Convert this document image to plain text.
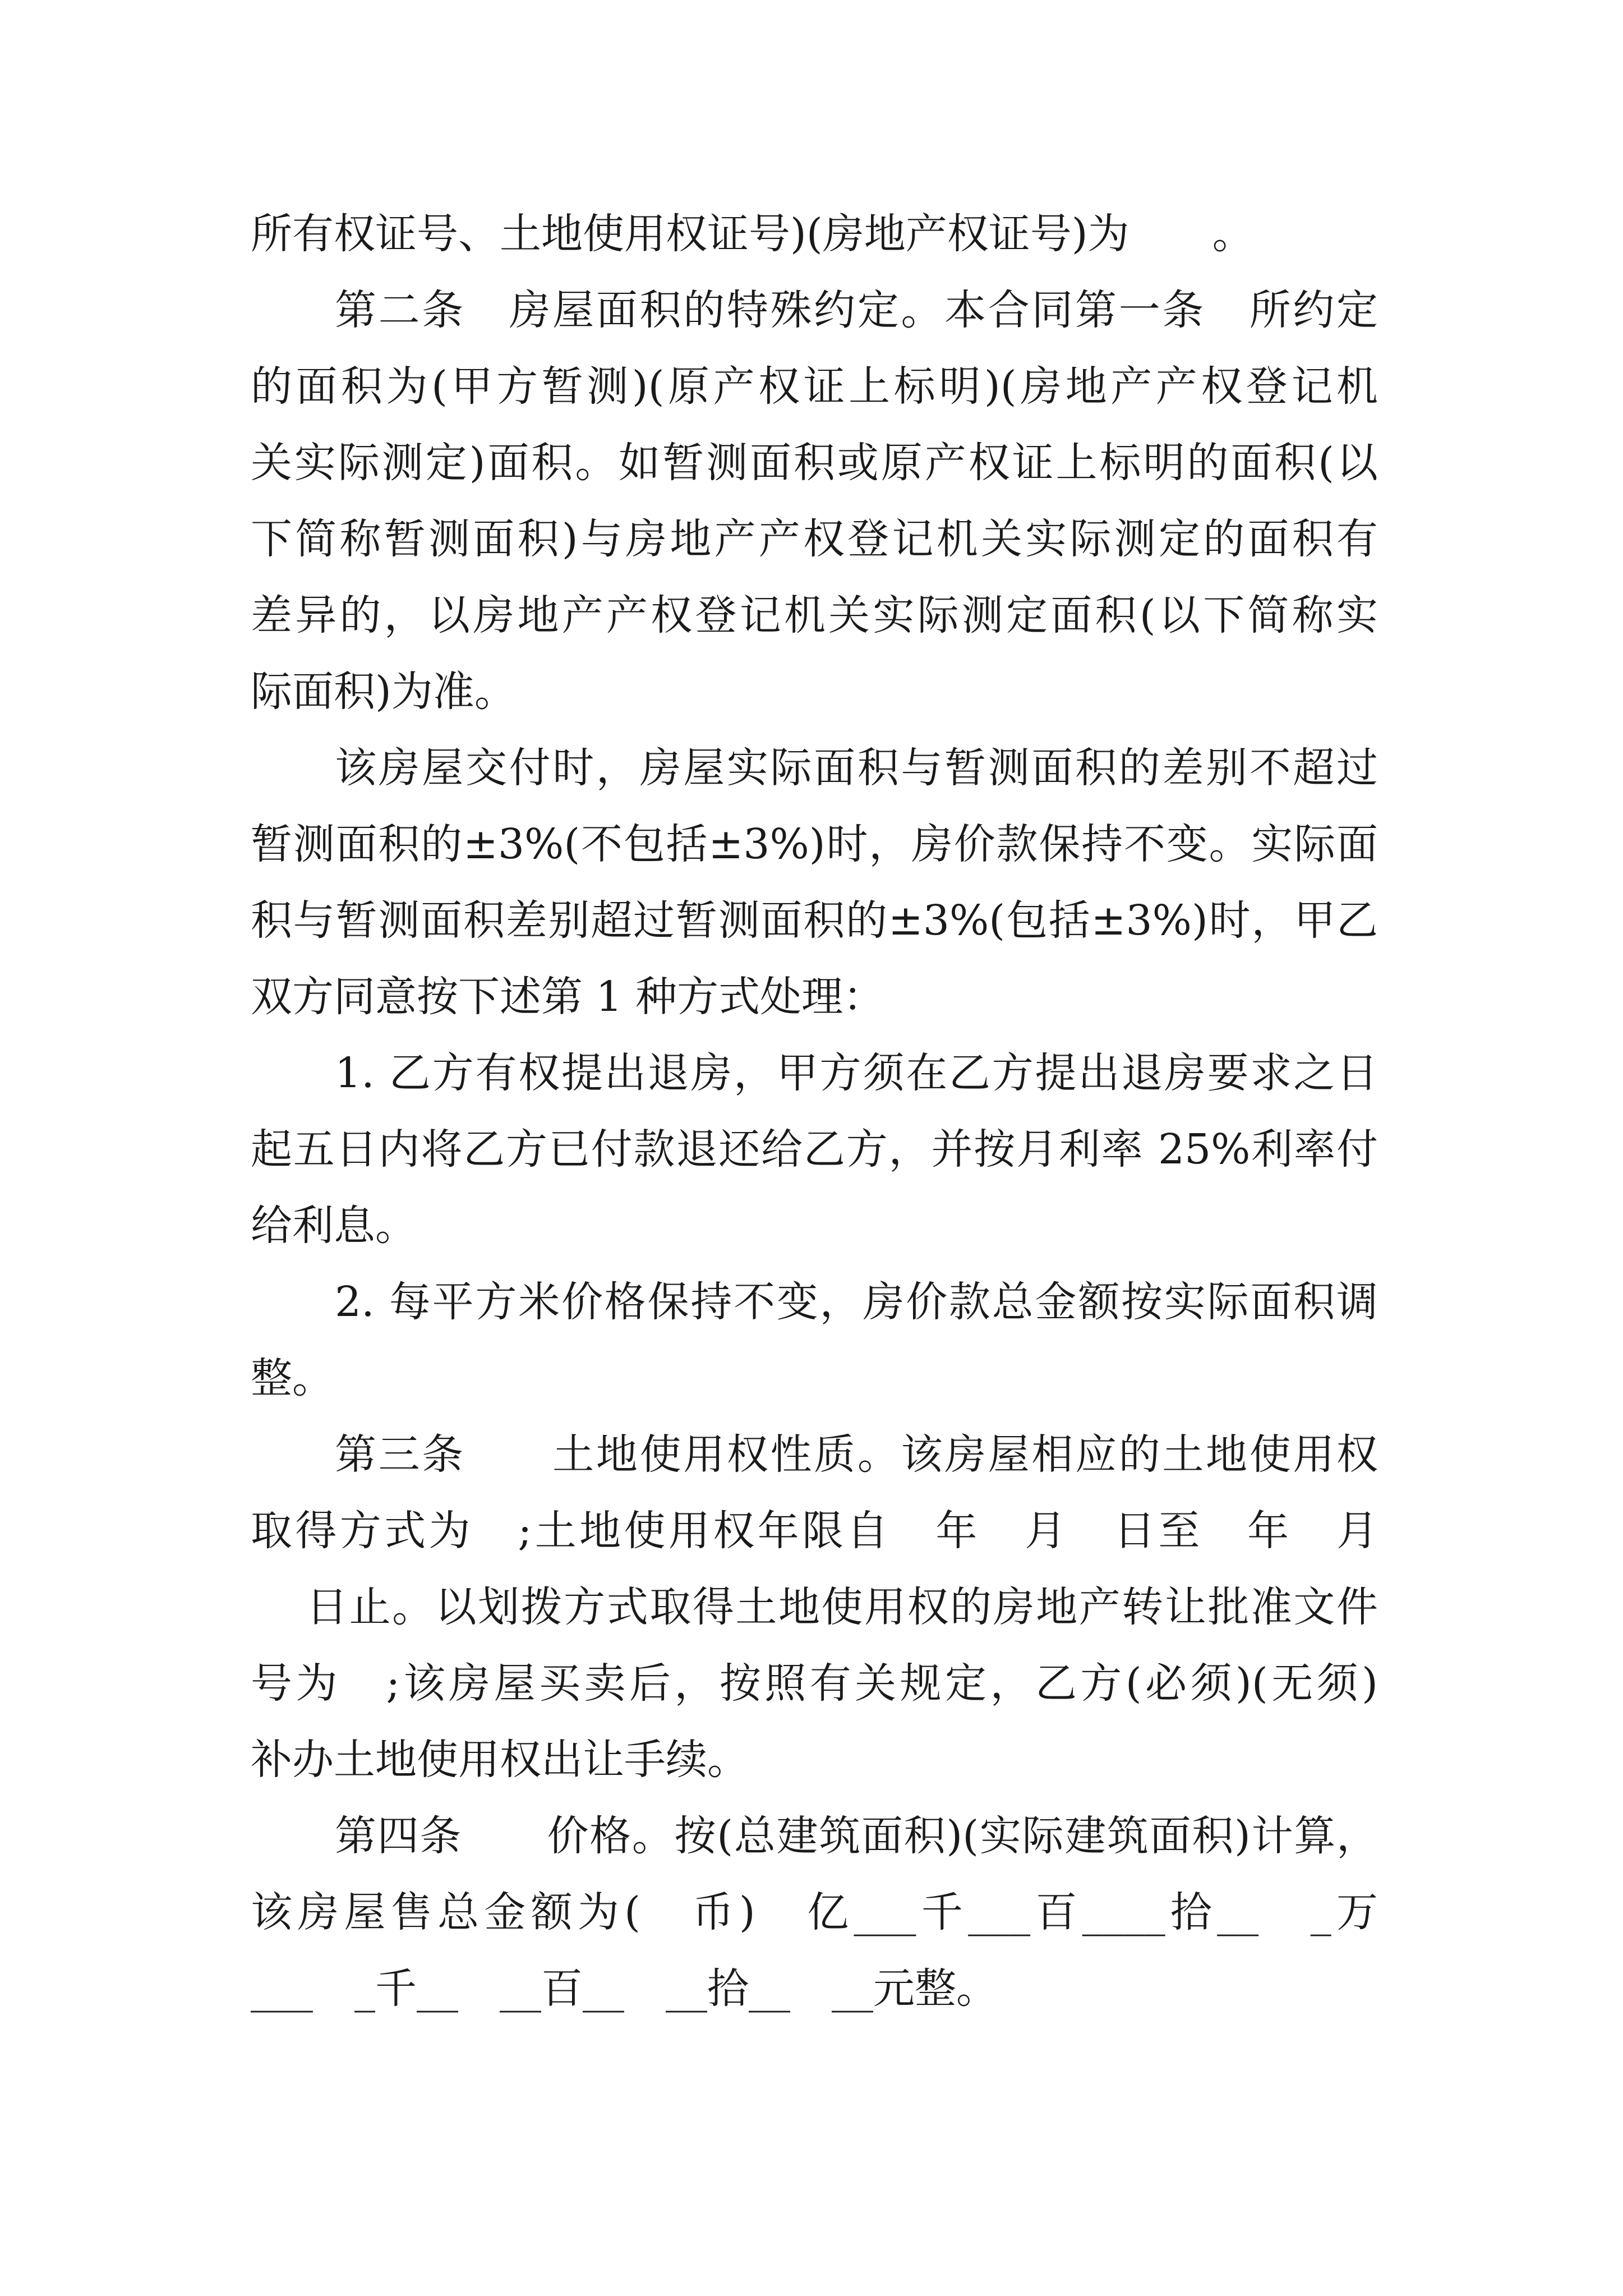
所有权证号、土地使用权证号)(房地产权证号)为　　。

第二条　房屋面积的特殊约定。本合同第一条　所约定

的面积为(甲方暂测)(原产权证上标明)(房地产产权登记机

关实际测定)面积。如暂测面积或原产权证上标明的面积(以

下简称暂测面积)与房地产产权登记机关实际测定的面积有

差异的，以房地产产权登记机关实际测定面积(以下简称实

际面积)为准。

该房屋交付时，房屋实际面积与暂测面积的差别不超过

暂测面积的±3%(不包括±3%)时，房价款保持不变。实际面

积与暂测面积差别超过暂测面积的±3%(包括±3%)时，甲乙

双方同意按下述第 1 种方式处理：

1. 乙方有权提出退房，甲方须在乙方提出退房要求之日

起五日内将乙方已付款退还给乙方，并按月利率 25%利率付

给利息。

2. 每平方米价格保持不变，房价款总金额按实际面积调

整。

第三条　　土地使用权性质。该房屋相应的土地使用权

取得方式为　;土地使用权年限自　年　月　日至　年　月

日止。以划拨方式取得土地使用权的房地产转让批准文件

号为　;该房屋买卖后，按照有关规定，乙方(必须)(无须)

补办土地使用权出让手续。

第四条　　价格。按(总建筑面积)(实际建筑面积)计算，

该房屋售总金额为(　币)　亿___千___百____拾__　_万

___　_千__　__百__　__拾__　__元整。
